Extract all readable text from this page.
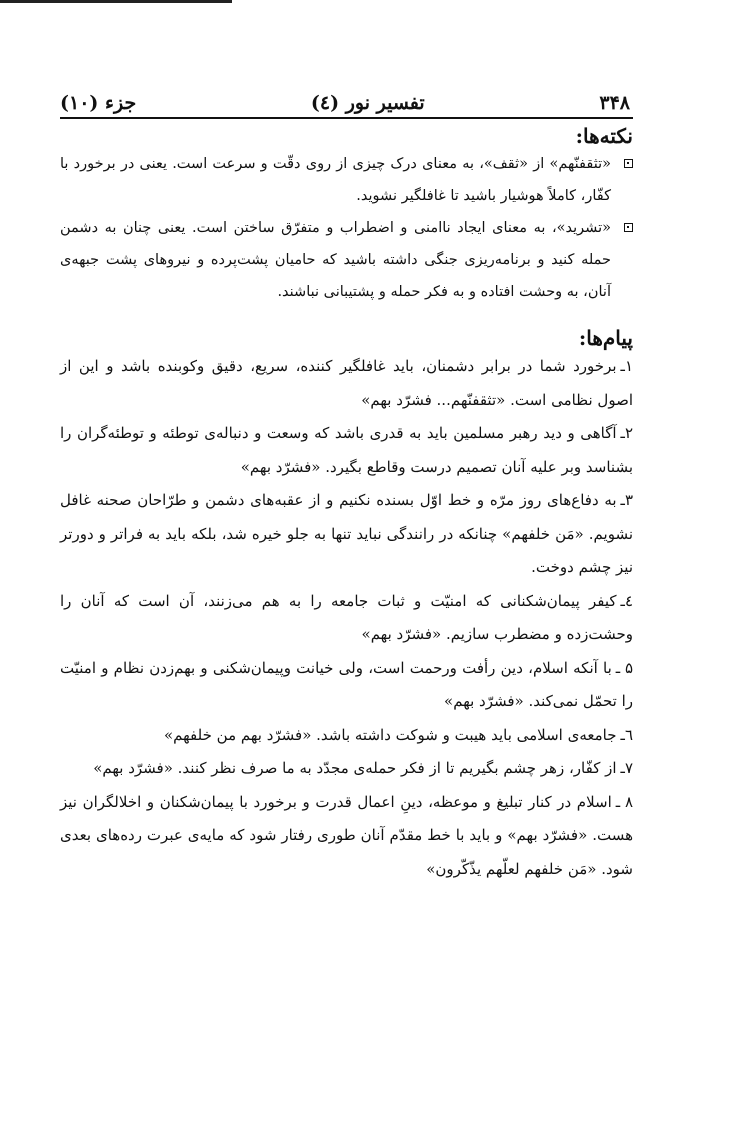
۳۴۸
تفسیر نور (٤)
جزء (۱۰)
نکته‌ها:
«تثقفنّهم» از «ثقف»، به معنای درک چیزی از روی دقّت و سرعت است. یعنی در برخورد با کفّار، کاملاً هوشیار باشید تا غافلگیر نشوید.
«تشرید»، به معنای ایجاد ناامنی و اضطراب و متفرّق ساختن است. یعنی چنان به دشمن حمله کنید و برنامه‌ریزی جنگی داشته باشید که حامیان پشت‌پرده و نیروهای پشت جبهه‌ی آنان، به وحشت افتاده و به فکر حمله و پشتیبانی نباشند.
پیام‌ها:
۱ـبرخورد شما در برابر دشمنان، باید غافلگیر کننده، سریع، دقیق وکوبنده باشد و این از اصول نظامی است. «تثقفنّهم... فشرّد بهم»
۲ـآگاهی و دید رهبر مسلمین باید به قدری باشد که وسعت و دنباله‌ی توطئه و توطئه‌گران را بشناسد وبر علیه آنان تصمیم درست وقاطع بگیرد. «فشرّد بهم»
۳ـبه دفاع‌های روز مرّه و خط اوّل بسنده نکنیم و از عقبه‌های دشمن و طرّاحان صحنه غافل نشویم. «مَن خلفهم» چنانکه در رانندگی نباید تنها به جلو خیره شد، بلکه باید به فراتر و دورتر نیز چشم دوخت.
٤ـکیفر پیمان‌شکنانی که امنیّت و ثبات جامعه را به هم می‌زنند، آن است که آنان را وحشت‌زده و مضطرب سازیم. «فشرّد بهم»
۵ ـبا آنکه اسلام، دین رأفت ورحمت است، ولی خیانت وپیمان‌شکنی و بهم‌زدن نظام و امنیّت را تحمّل نمی‌کند. «فشرّد بهم»
٦ـجامعه‌ی اسلامی باید هیبت و شوکت داشته باشد. «فشرّد بهم من خلفهم»
۷ـاز کفّار، زهر چشم بگیریم تا از فکر حمله‌ی مجدّد به ما صرف نظر کنند. «فشرّد بهم»
۸ ـاسلام در کنار تبلیغ و موعظه، دینِ اعمال قدرت و برخورد با پیمان‌شکنان و اخلالگران نیز هست. «فشرّد بهم» و باید با خط مقدّم آنان طوری رفتار شود که مایه‌ی عبرت رده‌های بعدی شود. «مَن خلفهم لعلّهم یذّکّرون»
